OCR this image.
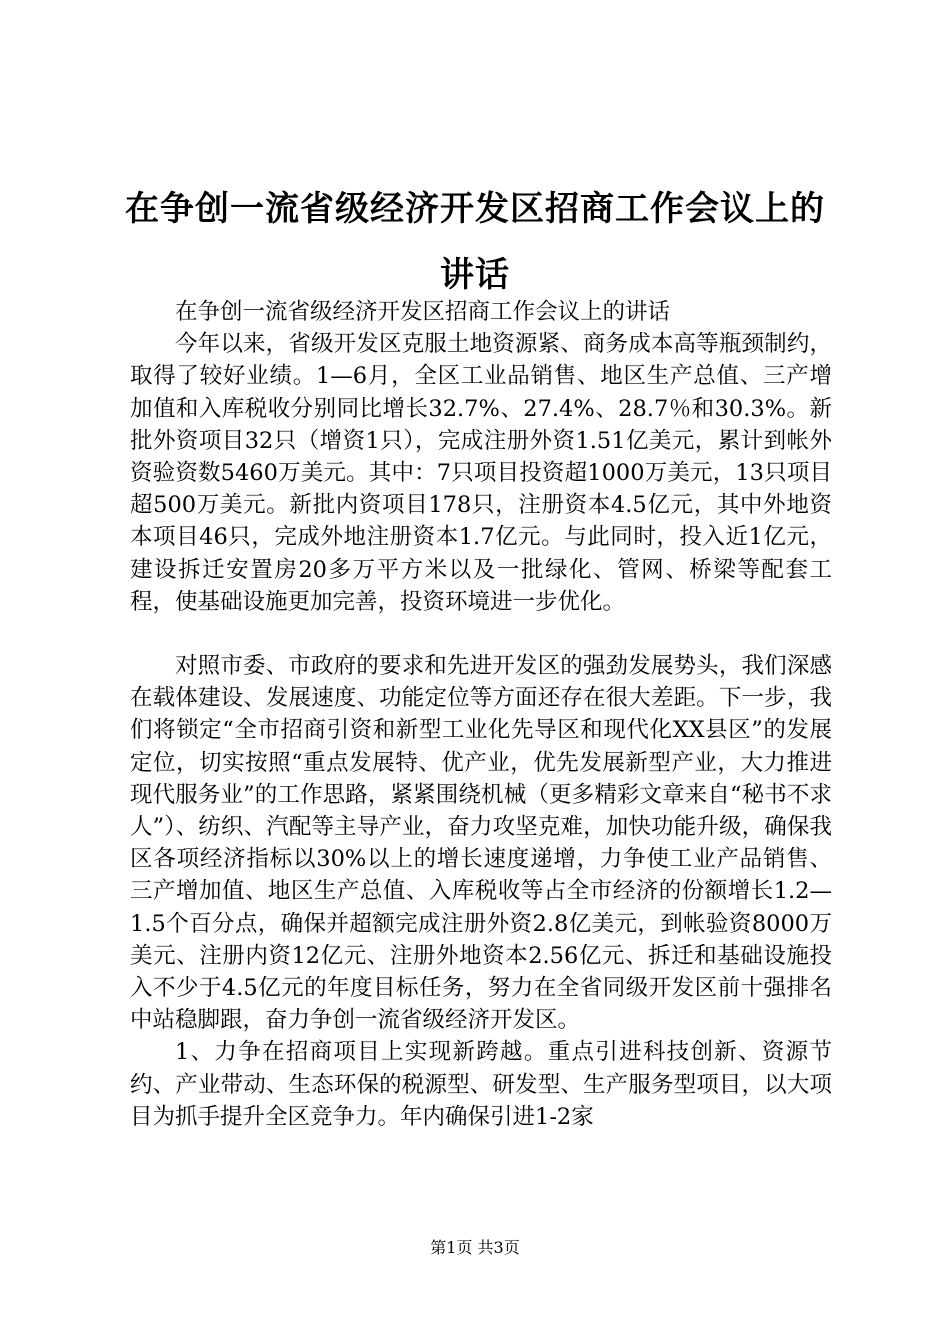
在争创一流省级经济开发区招商工作会议上的讲话

在争创一流省级经济开发区招商工作会议上的讲话

今年以来，省级开发区克服土地资源紧、商务成本高等瓶颈制约，取得了较好业绩。1—6月，全区工业品销售、地区生产总值、三产增加值和入库税收分别同比增长32.7%、27.4%、28.7％和30.3%。新批外资项目32只（增资1只），完成注册外资1.51亿美元，累计到帐外资验资数5460万美元。其中：7只项目投资超1000万美元，13只项目超500万美元。新批内资项目178只，注册资本4.5亿元，其中外地资本项目46只，完成外地注册资本1.7亿元。与此同时，投入近1亿元，建设拆迁安置房20多万平方米以及一批绿化、管网、桥梁等配套工程，使基础设施更加完善，投资环境进一步优化。

对照市委、市政府的要求和先进开发区的强劲发展势头，我们深感在载体建设、发展速度、功能定位等方面还存在很大差距。下一步，我们将锁定“全市招商引资和新型工业化先导区和现代化XX县区”的发展定位，切实按照“重点发展特、优产业，优先发展新型产业，大力推进现代服务业”的工作思路，紧紧围绕机械（更多精彩文章来自“秘书不求人”）、纺织、汽配等主导产业，奋力攻坚克难，加快功能升级，确保我区各项经济指标以30%以上的增长速度递增，力争使工业产品销售、三产增加值、地区生产总值、入库税收等占全市经济的份额增长1.2—1.5个百分点，确保并超额完成注册外资2.8亿美元，到帐验资8000万美元、注册内资12亿元、注册外地资本2.56亿元、拆迁和基础设施投入不少于4.5亿元的年度目标任务，努力在全省同级开发区前十强排名中站稳脚跟，奋力争创一流省级经济开发区。

1、力争在招商项目上实现新跨越。重点引进科技创新、资源节约、产业带动、生态环保的税源型、研发型、生产服务型项目，以大项目为抓手提升全区竞争力。年内确保引进1-2家

第1页 共3页
